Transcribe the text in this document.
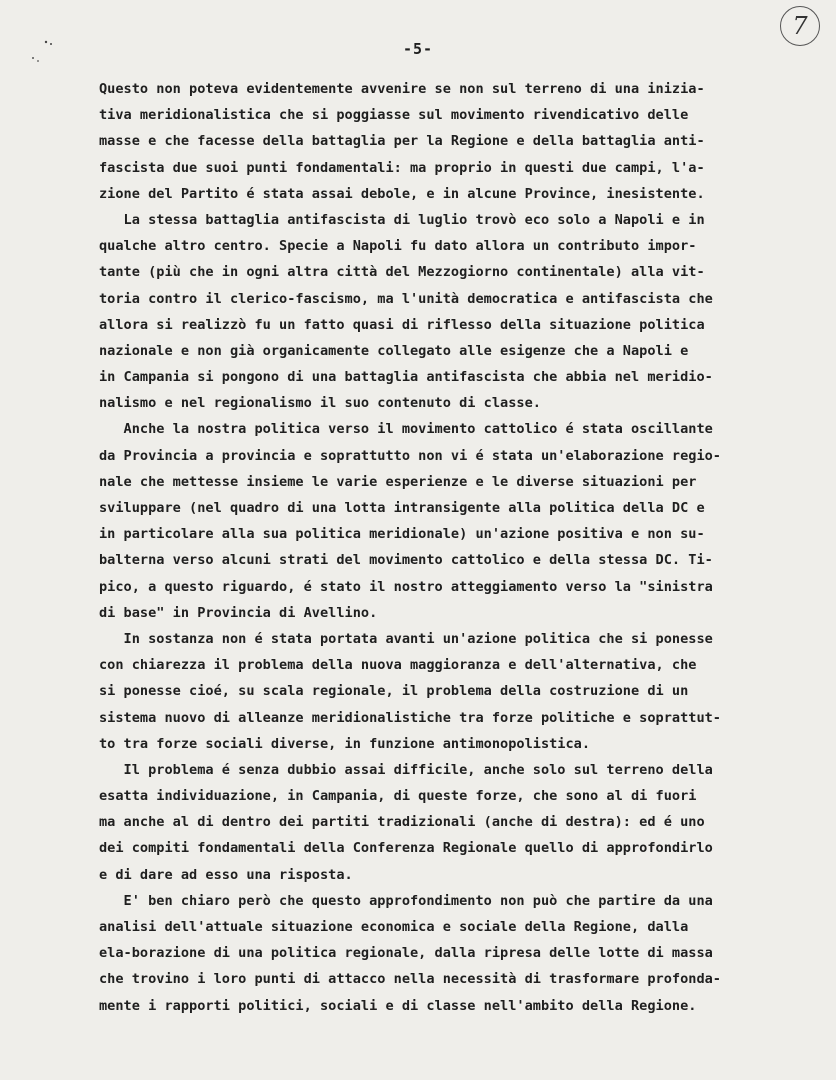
-5-
7
Questo non poteva evidentemente avvenire se non sul terreno di una inizia-
tiva meridionalistica che si poggiasse sul movimento rivendicativo delle
masse e che facesse della battaglia per la Regione e della battaglia anti-
fascista due suoi punti fondamentali: ma proprio in questi due campi, l'a-
zione del Partito é stata assai debole, e in alcune Province, inesistente.
La stessa battaglia antifascista di luglio trovò eco solo a Napoli e in
qualche altro centro. Specie a Napoli fu dato allora un contributo impor-
tante (più che in ogni altra città del Mezzogiorno continentale) alla vit-
toria contro il clerico-fascismo, ma l'unità democratica e antifascista che
allora si realizzò fu un fatto quasi di riflesso della situazione politica
nazionale e non già organicamente collegato alle esigenze che a Napoli e
in Campania si pongono di una battaglia antifascista che abbia nel meridio-
nalismo e nel regionalismo il suo contenuto di classe.
Anche la nostra politica verso il movimento cattolico é stata oscillante
da Provincia a provincia e soprattutto non vi é stata un'elaborazione regio-
nale che mettesse insieme le varie esperienze e le diverse situazioni per
sviluppare (nel quadro di una lotta intransigente alla politica della DC e
in particolare alla sua politica meridionale) un'azione positiva e non su-
balterna verso alcuni strati del movimento cattolico e della stessa DC. Ti-
pico, a questo riguardo, é stato il nostro atteggiamento verso la "sinistra
di base" in Provincia di Avellino.
In sostanza non é stata portata avanti un'azione politica che si ponesse
con chiarezza il problema della nuova maggioranza e dell'alternativa, che
si ponesse cioé, su scala regionale, il problema della costruzione di un
sistema nuovo di alleanze meridionalistiche tra forze politiche e soprattut-
to tra forze sociali diverse, in funzione antimonopolistica.
Il problema é senza dubbio assai difficile, anche solo sul terreno della
esatta individuazione, in Campania, di queste forze, che sono al di fuori
ma anche al di dentro dei partiti tradizionali (anche di destra): ed é uno
dei compiti fondamentali della Conferenza Regionale quello di approfondirlo
e di dare ad esso una risposta.
E' ben chiaro però che questo approfondimento non può che partire da una
analisi dell'attuale situazione economica e sociale della Regione, dalla
ela-borazione di una politica regionale, dalla ripresa delle lotte di massa
che trovino i loro punti di attacco nella necessità di trasformare profonda-
mente i rapporti politici, sociali e di classe nell'ambito della Regione.
